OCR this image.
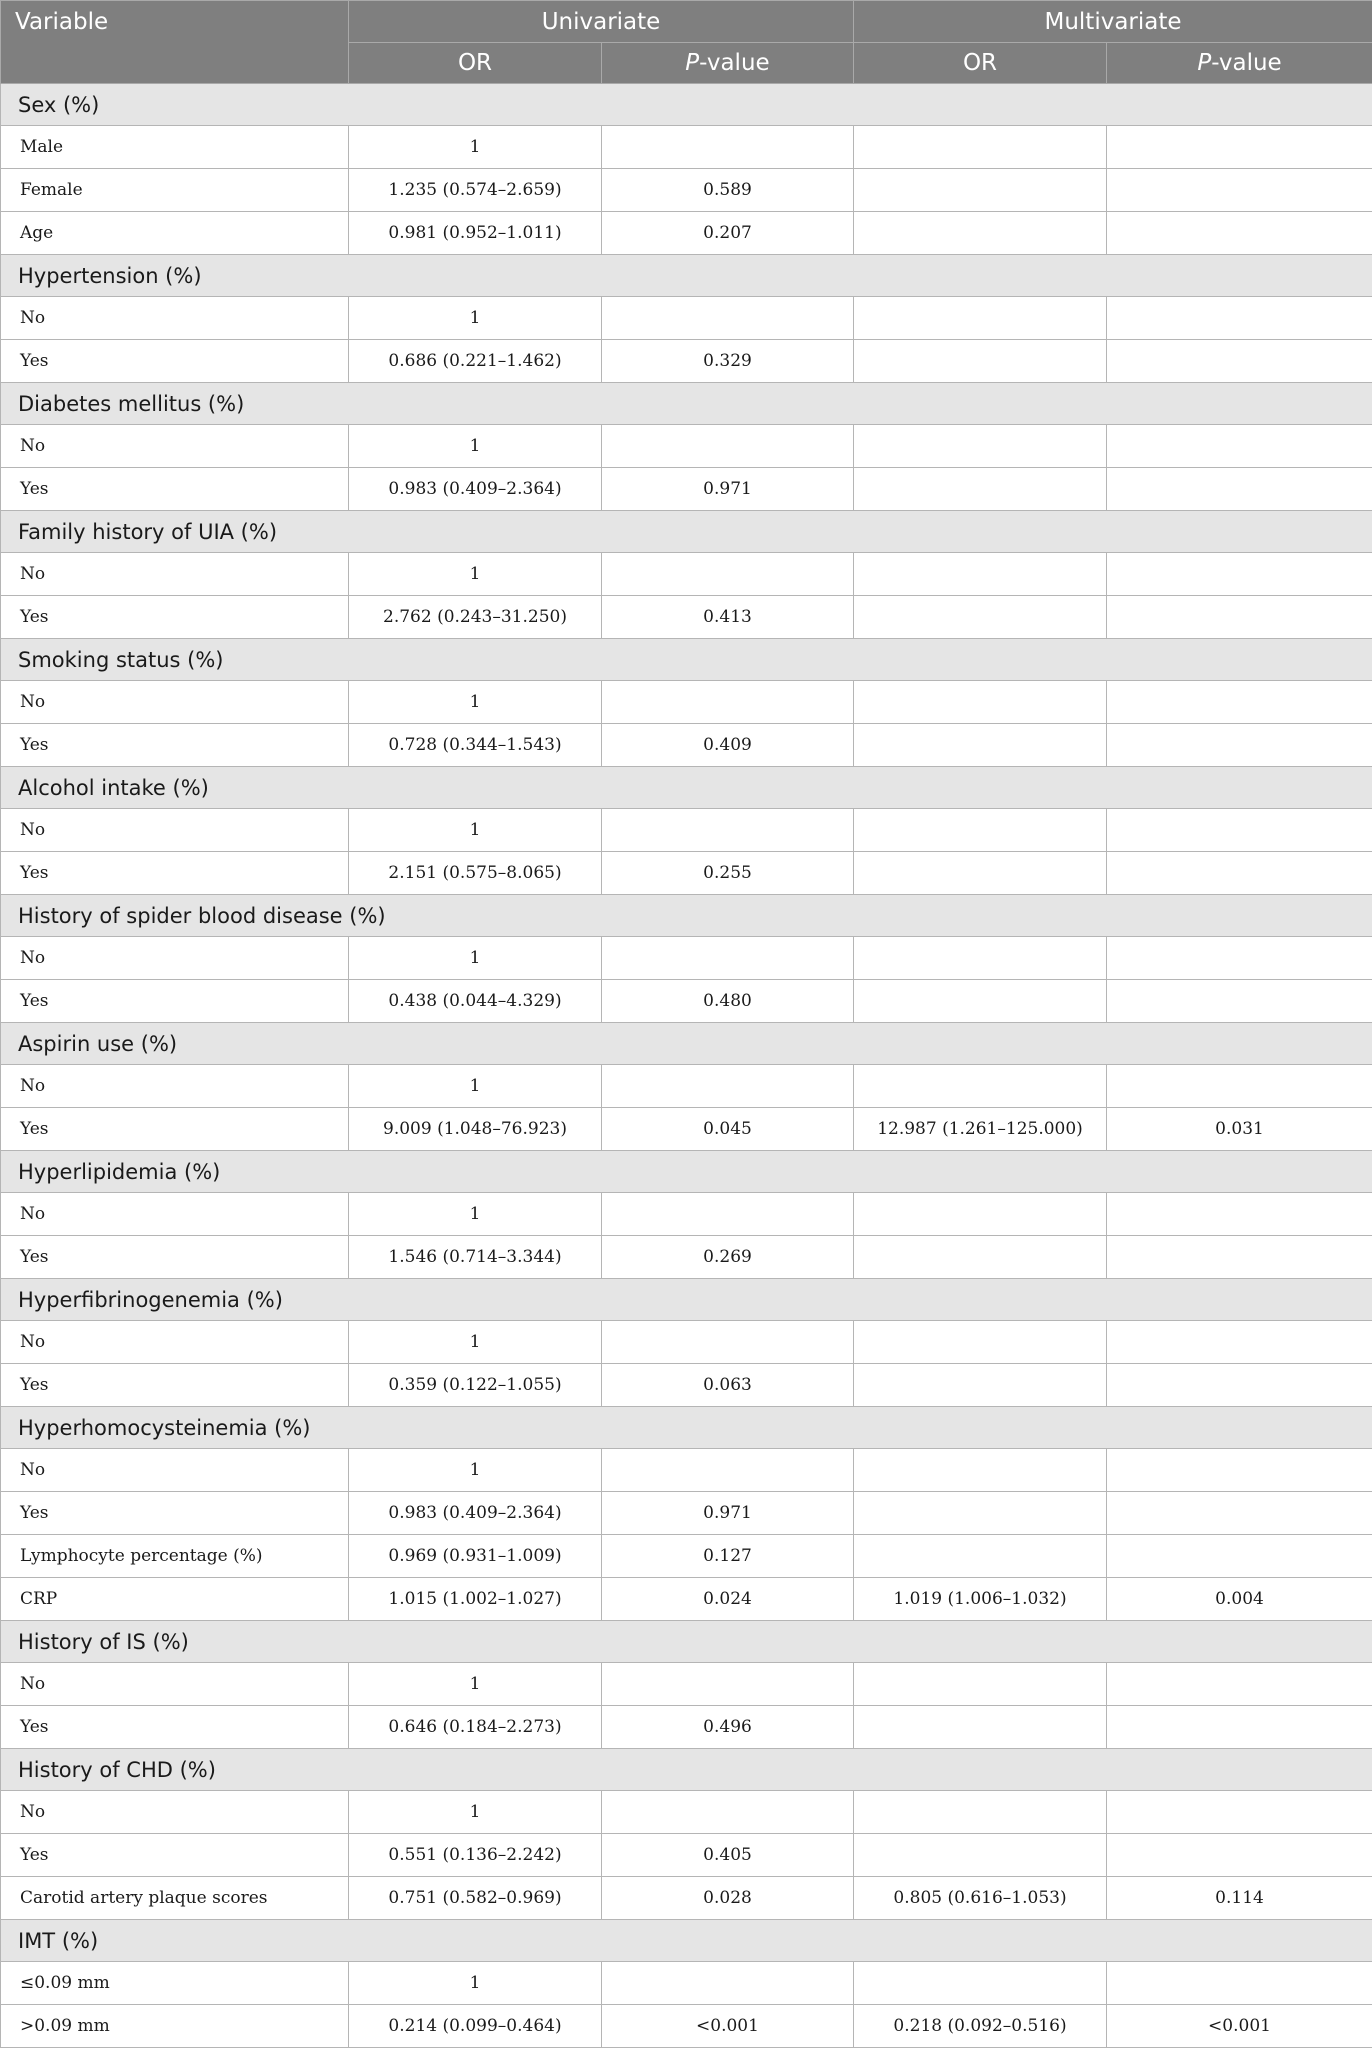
Variable	Univariate		Multivariate	
	OR	P-value	OR	P-value
Sex (%)				
Male	1			
Female	1.235 (0.574–2.659)	0.589		
Age	0.981 (0.952–1.011)	0.207		
Hypertension (%)				
No	1			
Yes	0.686 (0.221–1.462)	0.329		
Diabetes mellitus (%)				
No	1			
Yes	0.983 (0.409–2.364)	0.971		
Family history of UIA (%)				
No	1			
Yes	2.762 (0.243–31.250)	0.413		
Smoking status (%)				
No	1			
Yes	0.728 (0.344–1.543)	0.409		
Alcohol intake (%)				
No	1			
Yes	2.151 (0.575–8.065)	0.255		
History of spider blood disease (%)				
No	1			
Yes	0.438 (0.044–4.329)	0.480		
Aspirin use (%)				
No	1			
Yes	9.009 (1.048–76.923)	0.045	12.987 (1.261–125.000)	0.031
Hyperlipidemia (%)				
No	1			
Yes	1.546 (0.714–3.344)	0.269		
Hyperfibrinogenemia (%)				
No	1			
Yes	0.359 (0.122–1.055)	0.063		
Hyperhomocysteinemia (%)				
No	1			
Yes	0.983 (0.409–2.364)	0.971		
Lymphocyte percentage (%)	0.969 (0.931–1.009)	0.127		
CRP	1.015 (1.002–1.027)	0.024	1.019 (1.006–1.032)	0.004
History of IS (%)				
No	1			
Yes	0.646 (0.184–2.273)	0.496		
History of CHD (%)				
No	1			
Yes	0.551 (0.136–2.242)	0.405		
Carotid artery plaque scores	0.751 (0.582–0.969)	0.028	0.805 (0.616–1.053)	0.114
IMT (%)				
≤0.09 mm	1			
>0.09 mm	0.214 (0.099–0.464)	<0.001	0.218 (0.092–0.516)	<0.001
